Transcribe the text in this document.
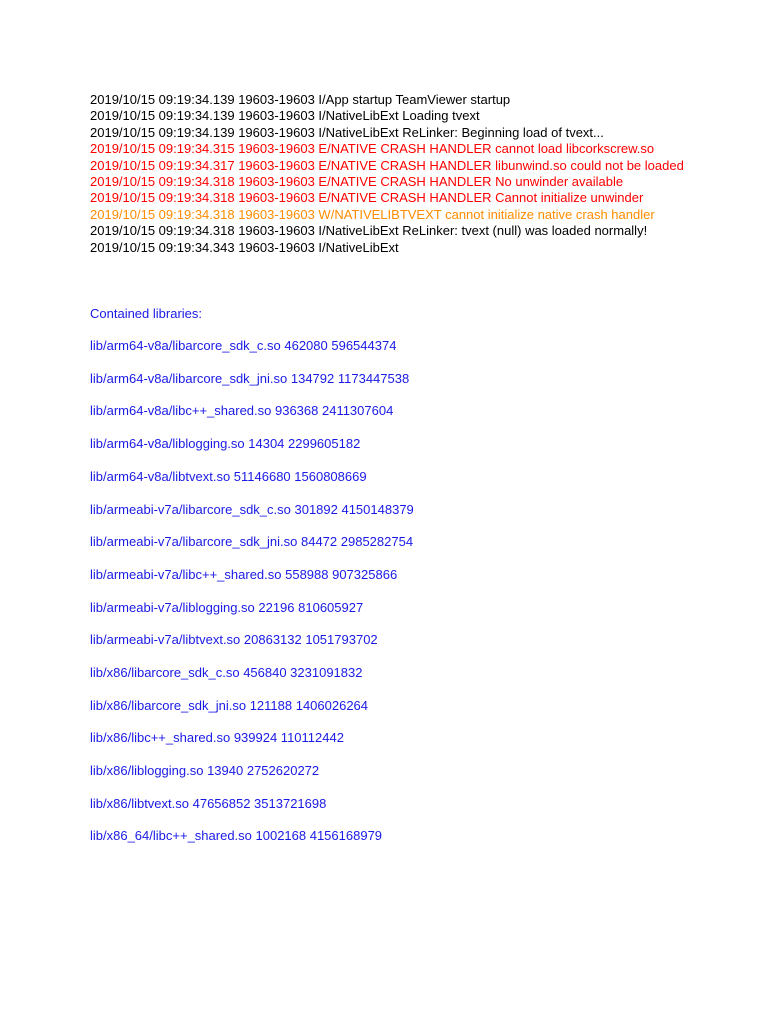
2019/10/15 09:19:34.139 19603-19603 I/App startup TeamViewer startup
2019/10/15 09:19:34.139 19603-19603 I/NativeLibExt Loading tvext
2019/10/15 09:19:34.139 19603-19603 I/NativeLibExt ReLinker: Beginning load of tvext...
2019/10/15 09:19:34.315 19603-19603 E/NATIVE CRASH HANDLER cannot load libcorkscrew.so
2019/10/15 09:19:34.317 19603-19603 E/NATIVE CRASH HANDLER libunwind.so could not be loaded
2019/10/15 09:19:34.318 19603-19603 E/NATIVE CRASH HANDLER No unwinder available
2019/10/15 09:19:34.318 19603-19603 E/NATIVE CRASH HANDLER Cannot initialize unwinder
2019/10/15 09:19:34.318 19603-19603 W/NATIVELIBTVEXT cannot initialize native crash handler
2019/10/15 09:19:34.318 19603-19603 I/NativeLibExt ReLinker: tvext (null) was loaded normally!
2019/10/15 09:19:34.343 19603-19603 I/NativeLibExt
Contained libraries:
lib/arm64-v8a/libarcore_sdk_c.so 462080 596544374
lib/arm64-v8a/libarcore_sdk_jni.so 134792 1173447538
lib/arm64-v8a/libc++_shared.so 936368 2411307604
lib/arm64-v8a/liblogging.so 14304 2299605182
lib/arm64-v8a/libtvext.so 51146680 1560808669
lib/armeabi-v7a/libarcore_sdk_c.so 301892 4150148379
lib/armeabi-v7a/libarcore_sdk_jni.so 84472 2985282754
lib/armeabi-v7a/libc++_shared.so 558988 907325866
lib/armeabi-v7a/liblogging.so 22196 810605927
lib/armeabi-v7a/libtvext.so 20863132 1051793702
lib/x86/libarcore_sdk_c.so 456840 3231091832
lib/x86/libarcore_sdk_jni.so 121188 1406026264
lib/x86/libc++_shared.so 939924 110112442
lib/x86/liblogging.so 13940 2752620272
lib/x86/libtvext.so 47656852 3513721698
lib/x86_64/libc++_shared.so 1002168 4156168979
